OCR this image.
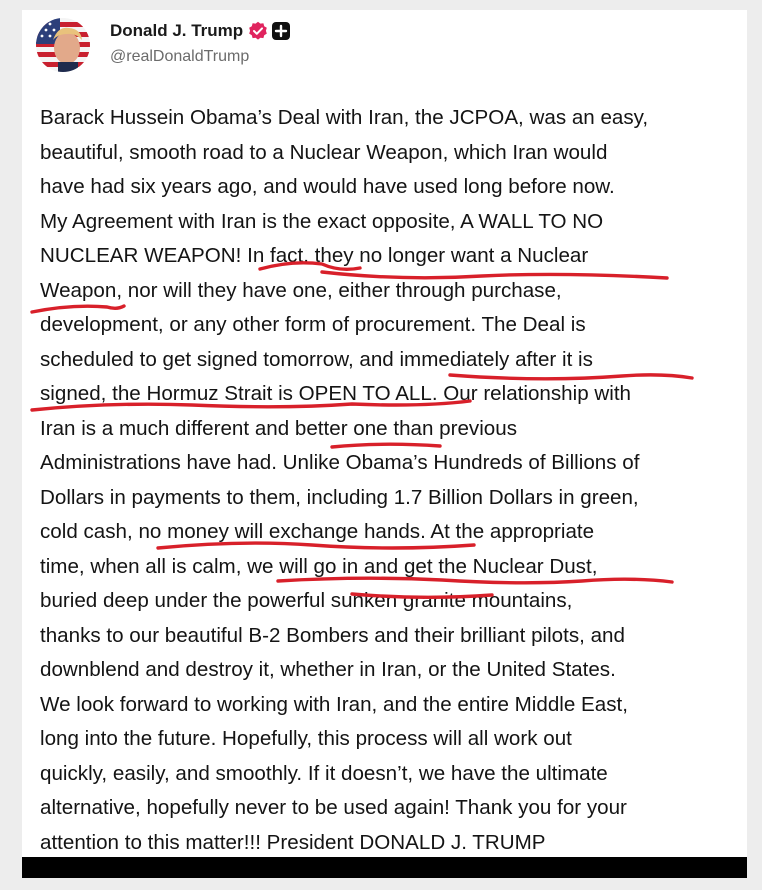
Donald J. Trump
@realDonaldTrump
Barack Hussein Obama’s Deal with Iran, the JCPOA, was an easy,
beautiful, smooth road to a Nuclear Weapon, which Iran would
have had six years ago, and would have used long before now.
My Agreement with Iran is the exact opposite, A WALL TO NO
NUCLEAR WEAPON! In fact, they no longer want a Nuclear
Weapon, nor will they have one, either through purchase,
development, or any other form of procurement. The Deal is
scheduled to get signed tomorrow, and immediately after it is
signed, the Hormuz Strait is OPEN TO ALL. Our relationship with
Iran is a much different and better one than previous
Administrations have had. Unlike Obama’s Hundreds of Billions of
Dollars in payments to them, including 1.7 Billion Dollars in green,
cold cash, no money will exchange hands. At the appropriate
time, when all is calm, we will go in and get the Nuclear Dust,
buried deep under the powerful sunken granite mountains,
thanks to our beautiful B-2 Bombers and their brilliant pilots, and
downblend and destroy it, whether in Iran, or the United States.
We look forward to working with Iran, and the entire Middle East,
long into the future. Hopefully, this process will all work out
quickly, easily, and smoothly. If it doesn’t, we have the ultimate
alternative, hopefully never to be used again! Thank you for your
attention to this matter!!! President DONALD J. TRUMP
